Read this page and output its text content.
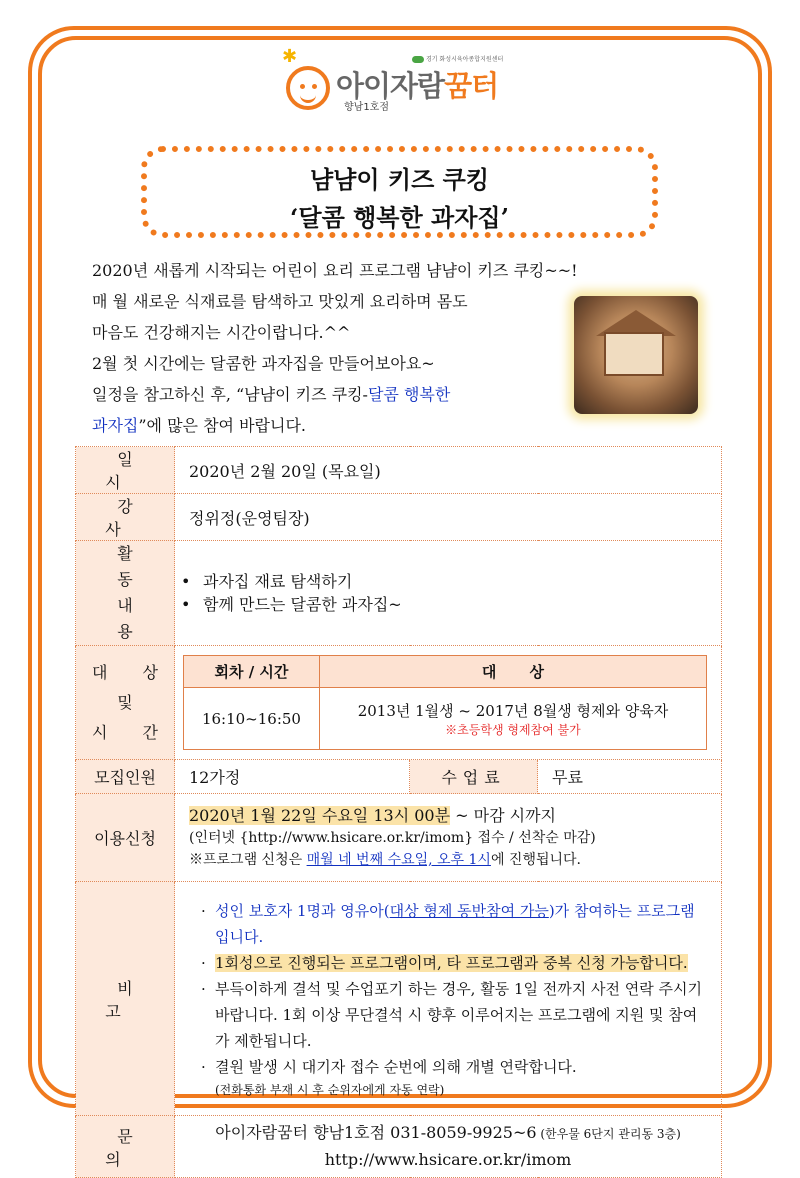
✱	경기 화성시육아종합지원센터
아이자람꿈터
향남1호점
냠냠이 키즈 쿠킹
‘달콤 행복한 과자집’
2020년 새롭게 시작되는 어린이 요리 프로그램 냠냠이 키즈 쿠킹~~!
매 월 새로운 식재료를 탐색하고 맛있게 요리하며 몸도
마음도 건강해지는 시간이랍니다.^^
2월 첫 시간에는 달콤한 과자집을 만들어보아요~
일정을 참고하신 후, “냠냠이 키즈 쿠킹-달콤 행복한
과자집”에 많은 참여 바랍니다.
일시	2020년 2월 20일 (목요일)
강사	정위정(운영팀장)

활동
내용

• 과자집 재료 탐색하기
• 함께 만드는 달콤한 과자집~

대 상
및
시 간

회차 / 시간	대 상
16:10~16:50	2013년 1월생 ~ 2017년 8월생 형제와 양육자
※초등학생 형제참여 불가

모집인원	12가정	수업료	무료
이용신청	
2020년 1월 22일 수요일 13시 00분 ~ 마감 시까지
(인터넷 {http://www.hsicare.or.kr/imom} 접수 / 선착순 마감)
※프로그램 신청은 매월 네 번째 수요일, 오후 1시에 진행됩니다.

비 고	
· 성인 보호자 1명과 영유아(대상 형제 동반참여 가능)가 참여하는 프로그램입니다.
· 1회성으로 진행되는 프로그램이며, 타 프로그램과 중복 신청 가능합니다.
· 부득이하게 결석 및 수업포기 하는 경우, 활동 1일 전까지 사전 연락 주시기 바랍니다. 1회 이상 무단결석 시 향후 이루어지는 프로그램에 지원 및 참여가 제한됩니다.
· 결원 발생 시 대기자 접수 순번에 의해 개별 연락합니다.
(전화통화 부재 시 후 순위자에게 자동 연락)

문 의	
아이자람꿈터 향남1호점 031-8059-9925~6 (한우물 6단지 관리동 3층)
http://www.hsicare.or.kr/imom
